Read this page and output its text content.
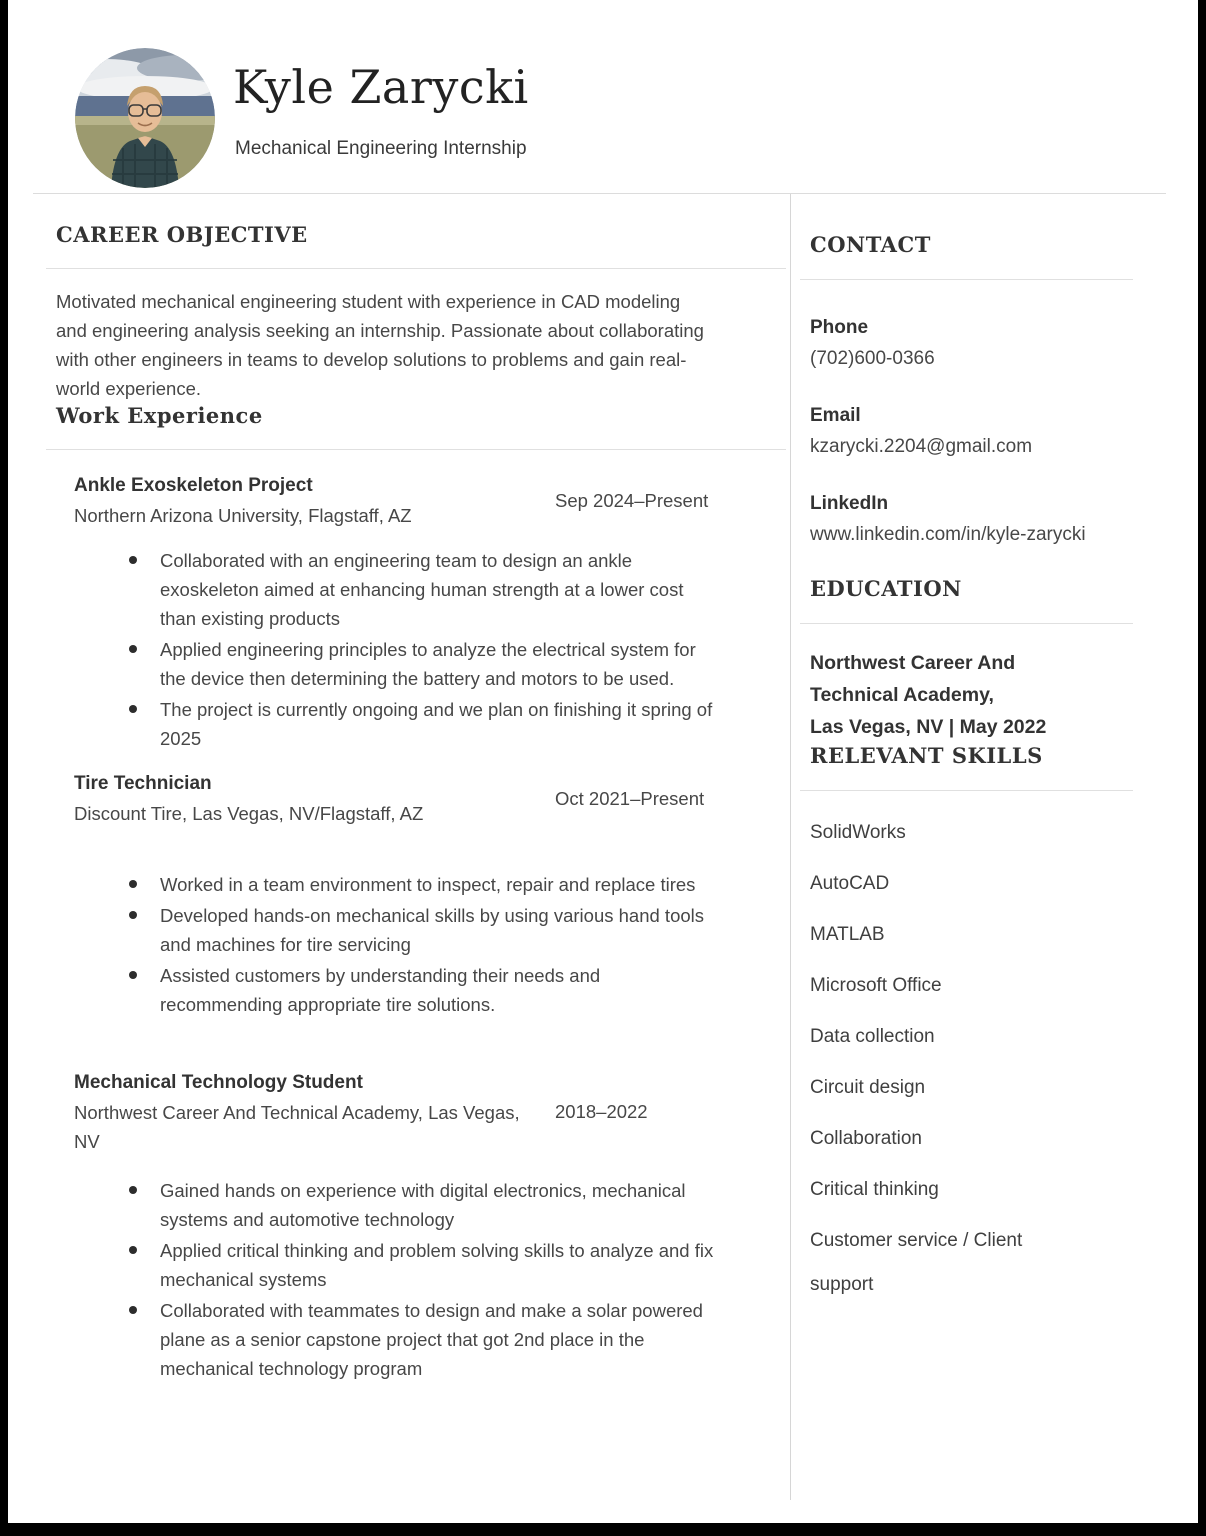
Kyle Zarycki
Mechanical Engineering Internship
CAREER OBJECTIVE

Motivated mechanical engineering student with experience in CAD modeling and engineering analysis seeking an internship. Passionate about collaborating with other engineers in teams to develop solutions to problems and gain real-world experience.

Work Experience
Ankle Exoskeleton Project
Northern Arizona University, Flagstaff, AZ
Sep 2024–Present
Collaborated with an engineering team to design an ankle exoskeleton aimed at enhancing human strength at a lower cost than existing products
Applied engineering principles to analyze the electrical system for the device then determining the battery and motors to be used.
The project is currently ongoing and we plan on finishing it spring of 2025
Tire Technician
Discount Tire, Las Vegas, NV/Flagstaff, AZ
Oct 2021–Present
Worked in a team environment to inspect, repair and replace tires
Developed hands-on mechanical skills by using various hand tools and machines for tire servicing
Assisted customers by understanding their needs and recommending appropriate tire solutions.
Mechanical Technology Student
Northwest Career And Technical Academy, Las Vegas, NV
2018–2022
Gained hands on experience with digital electronics, mechanical systems and automotive technology
Applied critical thinking and problem solving skills to analyze and fix mechanical systems
Collaborated with teammates to design and make a solar powered plane as a senior capstone project that got 2nd place in the mechanical technology program
CONTACT
Phone
(702)600-0366
Email
kzarycki.2204@gmail.com
LinkedIn
www.linkedin.com/in/kyle-zarycki
EDUCATION
Northwest Career And
Technical Academy,
Las Vegas, NV | May 2022
RELEVANT SKILLS
SolidWorks
AutoCAD
MATLAB
Microsoft Office
Data collection
Circuit design
Collaboration
Critical thinking
Customer service / Client support
